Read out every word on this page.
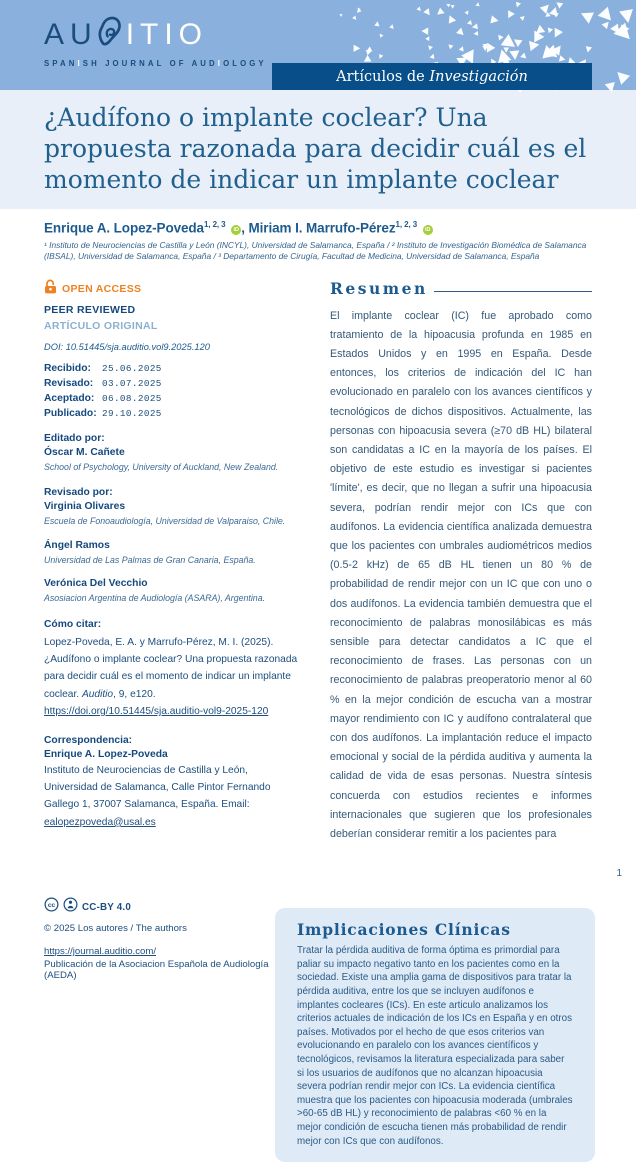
AU ITIO
SPANISH JOURNAL OF AUDIOLOGY
Artículos de Investigación
¿Audífono o implante coclear? Una propuesta razonada para decidir cuál es el momento de indicar un implante coclear
Enrique A. Lopez-Poveda$^{1, 2, 3}$ iD , Miriam I. Marrufo-Pérez$^{1, 2, 3}$ iD
¹ Instituto de Neurociencias de Castilla y León (INCYL), Universidad de Salamanca, España / ² Instituto de Investigación Biomédica de Salamanca (IBSAL), Universidad de Salamanca, España / ³ Departamento de Cirugía, Facultad de Medicina, Universidad de Salamanca, España
OPEN ACCESS
PEER REVIEWED
ARTÍCULO ORIGINAL
DOI: 10.51445/sja.auditio.vol9.2025.120
Recibido:	25.06.2025
Revisado: 03.07.2025
Aceptado: 06.08.2025
Publicado: 29.10.2025
Editado por:
Óscar M. Cañete
School of Psychology, University of Auckland, New Zealand.
Revisado por:
Virginia Olivares
Escuela de Fonoaudiología, Universidad de Valparaiso, Chile.
Ángel Ramos
Universidad de Las Palmas de Gran Canaria, España.
Verónica Del Vecchio
Asosiacion Argentina de Audiología (ASARA), Argentina.
Cómo citar:
Lopez-Poveda, E. A. y Marrufo-Pérez, M. I. (2025). ¿Audífono o implante coclear? Una propuesta razonada para decidir cuál es el momento de indicar un implante coclear. Auditio, 9, e120. https://doi.org/10.51445/sja.auditio-vol9-2025-120
Correspondencia:
Enrique A. Lopez-Poveda
Instituto de Neurociencias de Castilla y León, Universidad de Salamanca, Calle Pintor Fernando Gallego 1, 37007 Salamanca, España. Email: ealopezpoveda@usal.es
cc	CC-BY 4.0
© 2025 Los autores / The authors
https://journal.auditio.com/
Publicación de la Asociacion Española de Audiología (AEDA)
Resumen
El implante coclear (IC) fue aprobado como tratamiento de la hipoacusia profunda en 1985 en Estados Unidos y en 1995 en España. Desde entonces, los criterios de indicación del IC han evolucionado en paralelo con los avances científicos y tecnológicos de dichos dispositivos. Actualmente, las personas con hipoacusia severa (≥70 dB HL) bilateral son candidatas a IC en la mayoría de los países. El objetivo de este estudio es investigar si pacientes 'límite', es decir, que no llegan a sufrir una hipoacusia severa, podrían rendir mejor con ICs que con audífonos. La evidencia científica analizada demuestra que los pacientes con umbrales audiométricos medios (0.5-2 kHz) de 65 dB HL tienen un 80 % de probabilidad de rendir mejor con un IC que con uno o dos audífonos. La evidencia también demuestra que el reconocimiento de palabras monosilábicas es más sensible para detectar candidatos a IC que el reconocimiento de frases. Las personas con un reconocimiento de palabras preoperatorio menor al 60 % en la mejor condición de escucha van a mostrar mayor rendimiento con IC y audífono contralateral que con dos audífonos. La implantación reduce el impacto emocional y social de la pérdida auditiva y aumenta la calidad de vida de esas personas. Nuestra síntesis concuerda con estudios recientes e informes internacionales que sugieren que los profesionales deberían considerar remitir a los pacientes para
Implicaciones Clínicas
Tratar la pérdida auditiva de forma óptima es primordial para paliar su impacto negativo tanto en los pacientes como en la sociedad. Existe una amplia gama de dispositivos para tratar la pérdida auditiva, entre los que se incluyen audífonos e implantes cocleares (ICs). En este articulo analizamos los criterios actuales de indicación de los ICs en España y en otros países. Motivados por el hecho de que esos criterios van evolucionando en paralelo con los avances científicos y tecnológicos, revisamos la literatura especializada para saber si los usuarios de audífonos que no alcanzan hipoacusia severa podrían rendir mejor con ICs. La evidencia científica muestra que los pacientes con hipoacusia moderada (umbrales >60-65 dB HL) y reconocimiento de palabras <60 % en la mejor condición de escucha tienen más probabilidad de rendir mejor con ICs que con audífonos.
1
